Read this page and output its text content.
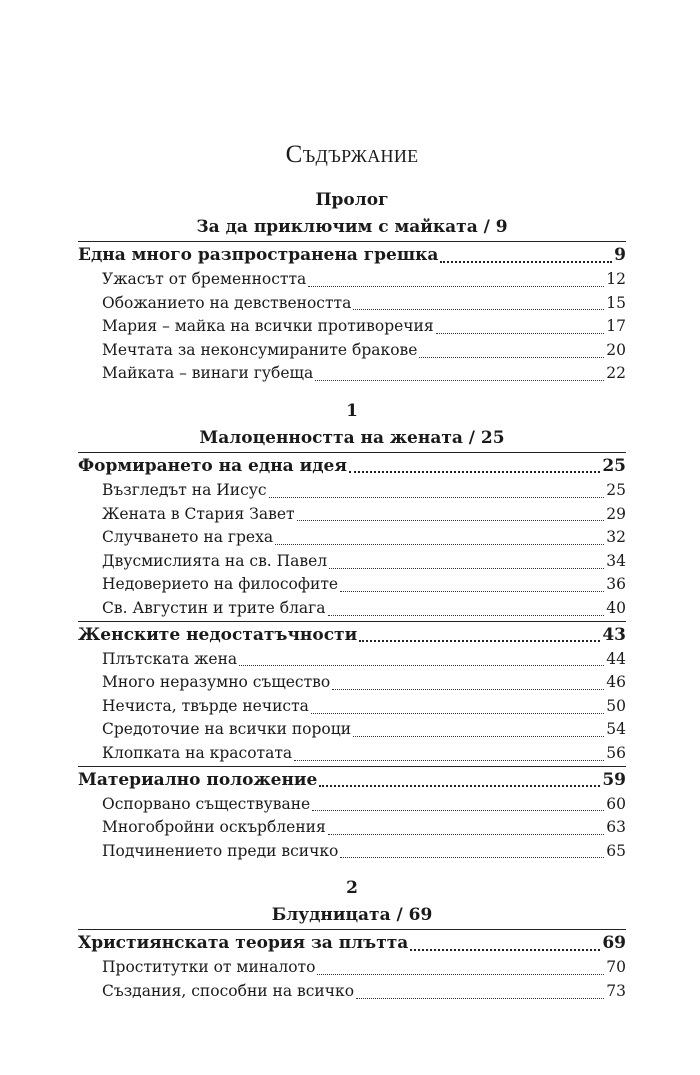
Съдържание
Пролог
За да приключим с майката / 9
Една много разпространена грешка	9
Ужасът от бременността	12
Обожанието на девствеността	15
Мария – майка на всички противоречия	17
Мечтата за неконсумираните бракове	20
Майката – винаги губеща	22
1
Малоценността на жената / 25
Формирането на една идея	25
Възгледът на Иисус	25
Жената в Стария Завет	29
Случването на греха	32
Двусмислията на св. Павел	34
Недоверието на философите	36
Св. Августин и трите блага	40
Женските недостатъчности	43
Плътската жена	44
Много неразумно същество	46
Нечиста, твърде нечиста	50
Средоточие на всички пороци	54
Клопката на красотата	56
Материално положение	59
Оспорвано съществуване	60
Многобройни оскърбления	63
Подчинението преди всичко	65
2
Блудницата / 69
Християнската теория за плътта	69
Проститутки от миналото	70
Създания, способни на всичко	73
